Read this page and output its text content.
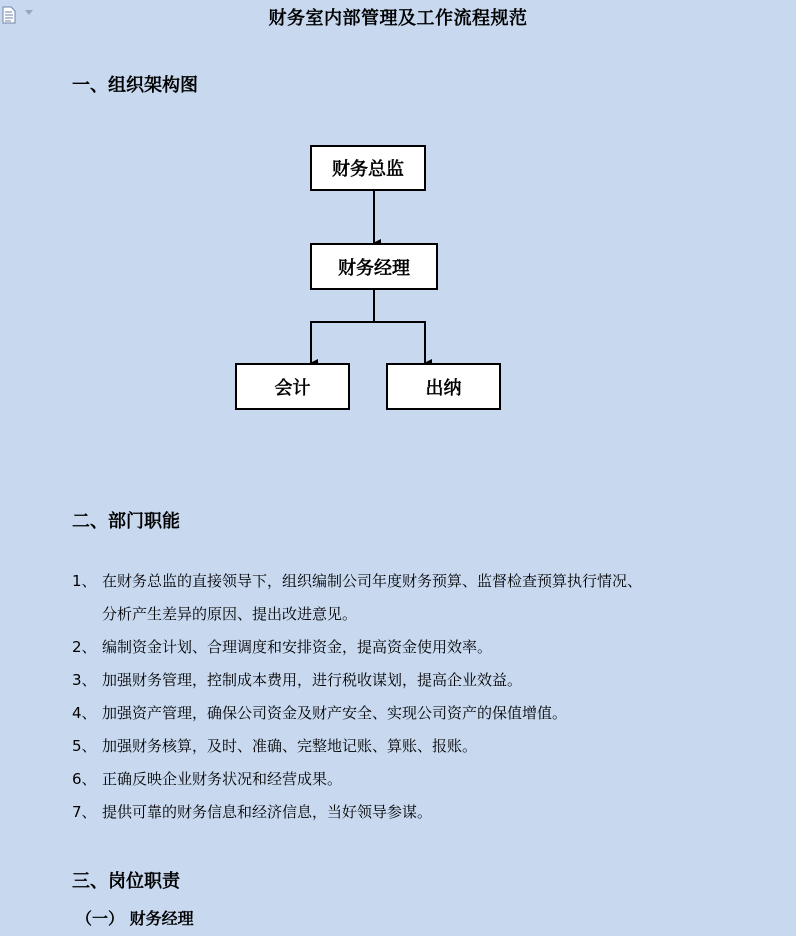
财务室内部管理及工作流程规范
一、组织架构图
财务总监
财务经理
会计	出纳
二、部门职能
1、 在财务总监的直接领导下，组织编制公司年度财务预算、监督检查预算执行情况、
分析产生差异的原因、提出改进意见。
2、 编制资金计划、合理调度和安排资金，提高资金使用效率。
3、 加强财务管理，控制成本费用，进行税收谋划，提高企业效益。
4、 加强资产管理，确保公司资金及财产安全、实现公司资产的保值增值。
5、 加强财务核算，及时、准确、完整地记账、算账、报账。
6、 正确反映企业财务状况和经营成果。
7、 提供可靠的财务信息和经济信息，当好领导参谋。
三、岗位职责
（一） 财务经理
